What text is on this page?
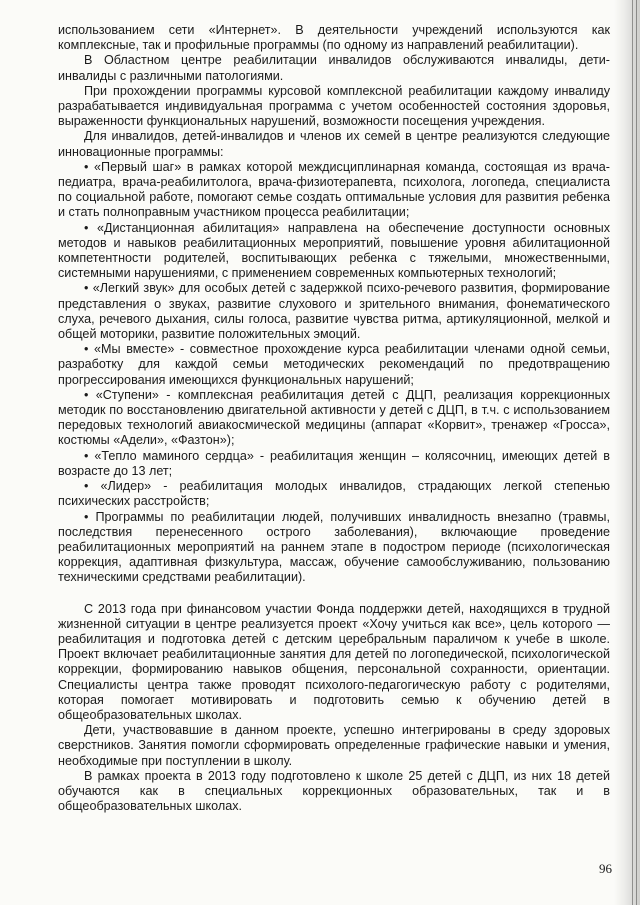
использованием сети «Интернет». В деятельности учреждений используются как комплексные, так и профильные программы (по одному из направлений реабилитации).

В Областном центре реабилитации инвалидов обслуживаются инвалиды, дети-инвалиды с различными патологиями.

При прохождении программы курсовой комплексной реабилитации каждому инвалиду разрабатывается индивидуальная программа с учетом особенностей состояния здоровья, выраженности функциональных нарушений, возможности посещения учреждения.

Для инвалидов, детей-инвалидов и членов их семей в центре реализуются следующие инновационные программы:

• «Первый шаг» в рамках которой междисциплинарная команда, состоящая из врача-педиатра, врача-реабилитолога, врача-физиотерапевта, психолога, логопеда, специалиста по социальной работе, помогают семье создать оптимальные условия для развития ребенка и стать полноправным участником процесса реабилитации;

• «Дистанционная абилитация» направлена на обеспечение доступности основных методов и навыков реабилитационных мероприятий, повышение уровня абилитационной компетентности родителей, воспитывающих ребенка с тяжелыми, множественными, системными нарушениями, с применением современных компьютерных технологий;

• «Легкий звук» для особых детей с задержкой психо-речевого развития, формирование представления о звуках, развитие слухового и зрительного внимания, фонематического слуха, речевого дыхания, силы голоса, развитие чувства ритма, артикуляционной, мелкой и общей моторики, развитие положительных эмоций.

• «Мы вместе» - совместное прохождение курса реабилитации членами одной семьи, разработку для каждой семьи методических рекомендаций по предотвращению прогрессирования имеющихся функциональных нарушений;

• «Ступени» - комплексная реабилитация детей с ДЦП, реализация коррекционных методик по восстановлению двигательной активности у детей с ДЦП, в т.ч. с использованием передовых технологий авиакосмической медицины (аппарат «Корвит», тренажер «Гросса», костюмы «Адели», «Фазтон»);

• «Тепло маминого сердца» - реабилитация женщин – колясочниц, имеющих детей в возрасте до 13 лет;

• «Лидер» - реабилитация молодых инвалидов, страдающих легкой степенью психических расстройств;

• Программы по реабилитации людей, получивших инвалидность внезапно (травмы, последствия перенесенного острого заболевания), включающие проведение реабилитационных мероприятий на раннем этапе в подостром периоде (психологическая коррекция, адаптивная физкультура, массаж, обучение самообслуживанию, пользованию техническими средствами реабилитации).

С 2013 года при финансовом участии Фонда поддержки детей, находящихся в трудной жизненной ситуации в центре реализуется проект «Хочу учиться как все», цель которого — реабилитация и подготовка детей с детским церебральным параличом к учебе в школе. Проект включает реабилитационные занятия для детей по логопедической, психологической коррекции, формированию навыков общения, персональной сохранности, ориентации. Специалисты центра также проводят психолого-педагогическую работу с родителями, которая помогает мотивировать и подготовить семью к обучению детей в общеобразовательных школах.

Дети, участвовавшие в данном проекте, успешно интегрированы в среду здоровых сверстников. Занятия помогли сформировать определенные графические навыки и умения, необходимые при поступлении в школу.

В рамках проекта в 2013 году подготовлено к школе 25 детей с ДЦП, из них 18 детей обучаются как в специальных коррекционных образовательных, так и в общеобразовательных школах.

96
